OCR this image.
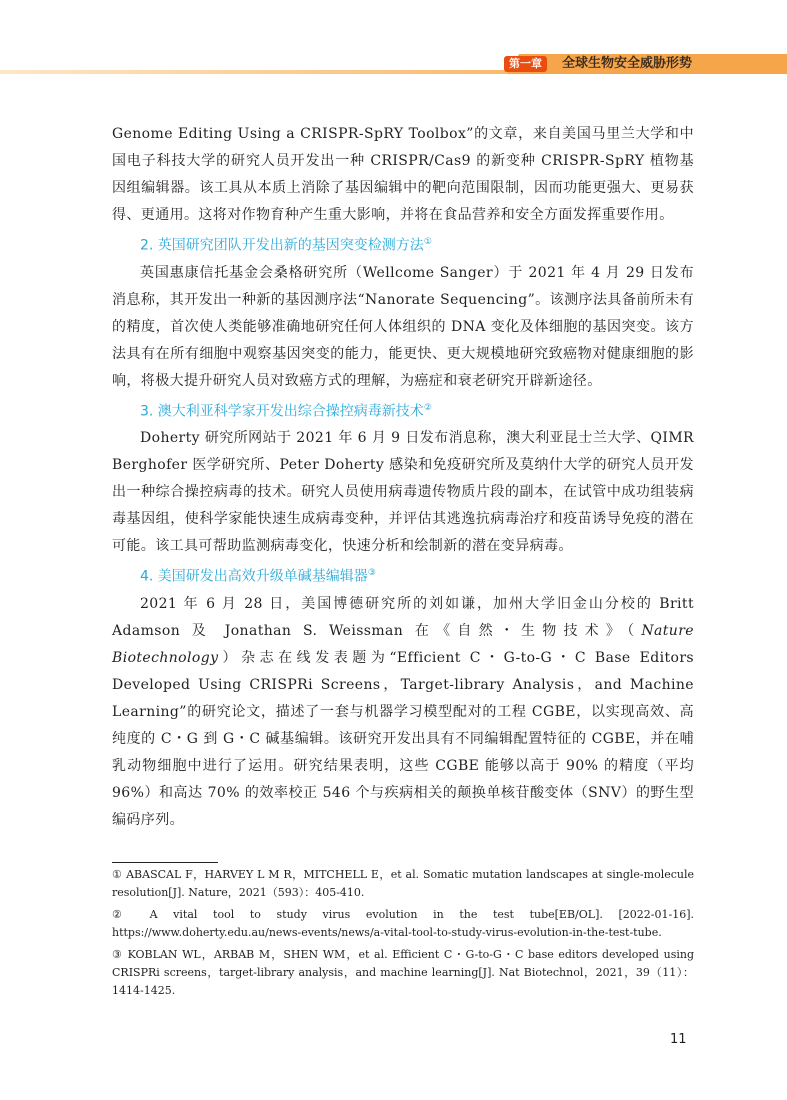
第一章	全球生物安全威胁形势

Genome Editing Using a CRISPR-SpRY Toolbox”的文章，来自美国马里兰大学和中国电子科技大学的研究人员开发出一种 CRISPR/Cas9 的新变种 CRISPR-SpRY 植物基因组编辑器。该工具从本质上消除了基因编辑中的靶向范围限制，因而功能更强大、更易获得、更通用。这将对作物育种产生重大影响，并将在食品营养和安全方面发挥重要作用。

2. 英国研究团队开发出新的基因突变检测方法①

英国惠康信托基金会桑格研究所（Wellcome Sanger）于 2021 年 4 月 29 日发布消息称，其开发出一种新的基因测序法“Nanorate Sequencing”。该测序法具备前所未有的精度，首次使人类能够准确地研究任何人体组织的 DNA 变化及体细胞的基因突变。该方法具有在所有细胞中观察基因突变的能力，能更快、更大规模地研究致癌物对健康细胞的影响，将极大提升研究人员对致癌方式的理解，为癌症和衰老研究开辟新途径。

3. 澳大利亚科学家开发出综合操控病毒新技术②

Doherty 研究所网站于 2021 年 6 月 9 日发布消息称，澳大利亚昆士兰大学、QIMR Berghofer 医学研究所、Peter Doherty 感染和免疫研究所及莫纳什大学的研究人员开发出一种综合操控病毒的技术。研究人员使用病毒遗传物质片段的副本，在试管中成功组装病毒基因组，使科学家能快速生成病毒变种，并评估其逃逸抗病毒治疗和疫苗诱导免疫的潜在可能。该工具可帮助监测病毒变化，快速分析和绘制新的潜在变异病毒。

4. 美国研发出高效升级单碱基编辑器③

2021 年 6 月 28 日，美国博德研究所的刘如谦，加州大学旧金山分校的 Britt Adamson 及 Jonathan S. Weissman 在《自然・生物技术》（Nature Biotechnology）杂志在线发表题为“Efficient C・G-to-G・C Base Editors Developed Using CRISPRi Screens，Target-library Analysis，and Machine Learning”的研究论文，描述了一套与机器学习模型配对的工程 CGBE，以实现高效、高纯度的 C・G 到 G・C 碱基编辑。该研究开发出具有不同编辑配置特征的 CGBE，并在哺乳动物细胞中进行了运用。研究结果表明，这些 CGBE 能够以高于 90% 的精度（平均 96%）和高达 70% 的效率校正 546 个与疾病相关的颠换单核苷酸变体（SNV）的野生型编码序列。

① ABASCAL F，HARVEY L M R，MITCHELL E，et al. Somatic mutation landscapes at single-molecule resolution[J]. Nature，2021（593）：405-410.

② A vital tool to study virus evolution in the test tube[EB/OL]. [2022-01-16]. https://www.doherty.edu.au/news-events/news/a-vital-tool-to-study-virus-evolution-in-the-test-tube.

③ KOBLAN WL，ARBAB M，SHEN WM，et al. Efficient C・G-to-G・C base editors developed using CRISPRi screens，target-library analysis，and machine learning[J]. Nat Biotechnol，2021，39（11）：1414-1425.

11
